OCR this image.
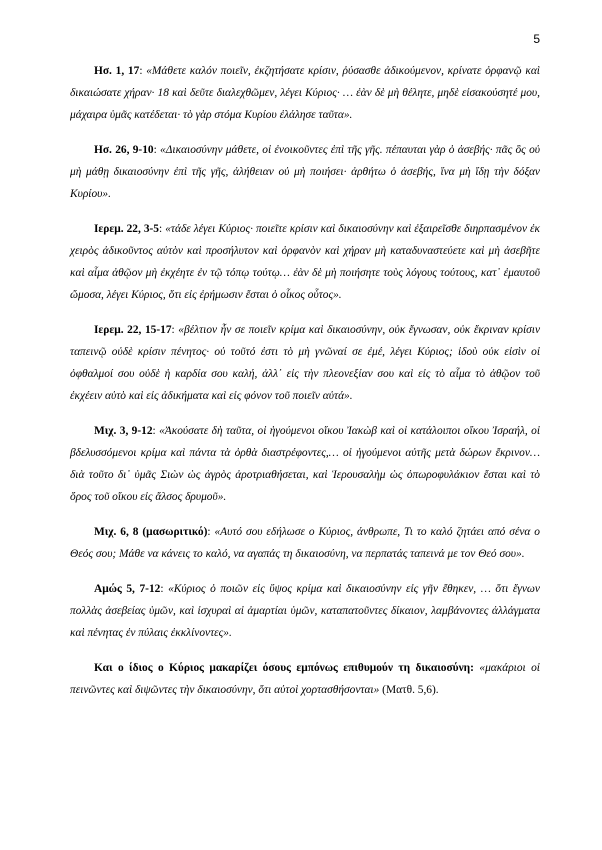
5

Ησ. 1, 17: «Μάθετε καλόν ποιεῖν, ἐκζητήσατε κρίσιν, ῥύσασθε ἀδικούμενον, κρίνατε ὀρφανῷ καὶ δικαιώσατε χήραν· 18 καὶ δεῦτε διαλεχθῶμεν, λέγει Κύριος· … ἐὰν δὲ μὴ θέλητε, μηδὲ εἰσακούσητέ μου, μάχαιρα ὑμᾶς κατέδεται· τὸ γὰρ στόμα Κυρίου ἐλάλησε ταῦτα».

Ησ. 26, 9-10: «Δικαιοσύνην μάθετε, οἱ ἐνοικοῦντες ἐπὶ τῆς γῆς. πέπαυται γὰρ ὁ ἀσεβής· πᾶς ὃς οὐ μὴ μάθῃ δικαιοσύνην ἐπὶ τῆς γῆς, ἀλήθειαν οὐ μὴ ποιήσει· ἀρθήτω ὁ ἀσεβής, ἵνα μὴ ἴδῃ τὴν δόξαν Κυρίου».

Ιερεμ. 22, 3-5: «τάδε λέγει Κύριος· ποιεῖτε κρίσιν καὶ δικαιοσύνην καὶ ἐξαιρεῖσθε διηρπασμένον ἐκ χειρὸς ἀδικοῦντος αὐτὸν καὶ προσήλυτον καὶ ὀρφανὸν καὶ χήραν μὴ καταδυναστεύετε καὶ μὴ ἀσεβῆτε καὶ αἷμα ἀθῷον μὴ ἐκχέητε ἐν τῷ τόπῳ τούτῳ… ἐὰν δὲ μὴ ποιήσητε τοὺς λόγους τούτους, κατ᾿ ἐμαυτοῦ ὤμοσα, λέγει Κύριος, ὅτι εἰς ἐρήμωσιν ἔσται ὁ οἶκος οὗτος».

Ιερεμ. 22, 15-17: «βέλτιον ἦν σε ποιεῖν κρίμα καὶ δικαιοσύνην, οὐκ ἔγνωσαν, οὐκ ἔκριναν κρίσιν ταπεινῷ οὐδὲ κρίσιν πένητος· οὐ τοῦτό ἐστι τὸ μὴ γνῶναί σε ἐμέ, λέγει Κύριος; ἰδοὺ οὐκ εἰσὶν οἱ ὀφθαλμοί σου οὐδὲ ἡ καρδία σου καλή, ἀλλ᾿ εἰς τὴν πλεονεξίαν σου καὶ εἰς τὸ αἷμα τὸ ἀθῷον τοῦ ἐκχέειν αὐτὸ καὶ εἰς ἀδικήματα καὶ εἰς φόνον τοῦ ποιεῖν αὐτά».

Μιχ. 3, 9-12: «Ἀκούσατε δὴ ταῦτα, οἱ ἡγούμενοι οἴκου Ἰακὼβ καὶ οἱ κατάλοιποι οἴκου Ἰσραήλ, οἱ βδελυσσόμενοι κρίμα καὶ πάντα τὰ ὀρθὰ διαστρέφοντες,… οἱ ἡγούμενοι αὐτῆς μετὰ δώρων ἔκρινον… διὰ τοῦτο δι᾿ ὑμᾶς Σιὼν ὡς ἀγρὸς ἀροτριαθήσεται, καὶ Ἱερουσαλὴμ ὡς ὀπωροφυλάκιον ἔσται καὶ τὸ ὄρος τοῦ οἴκου εἰς ἄλσος δρυμοῦ».

Μιχ. 6, 8 (μασωριτικό): «Αυτό σου εδήλωσε ο Κύριος, άνθρωπε, Τι το καλό ζητάει από σένα ο Θεός σου; Μάθε να κάνεις το καλό, να αγαπάς τη δικαιοσύνη, να περπατάς ταπεινά με τον Θεό σου».

Αμώς 5, 7-12: «Κύριος ὁ ποιῶν εἰς ὕψος κρίμα καὶ δικαιοσύνην εἰς γῆν ἔθηκεν, … ὅτι ἔγνων πολλὰς ἀσεβείας ὑμῶν, καὶ ἰσχυραὶ αἱ ἁμαρτίαι ὑμῶν, καταπατοῦντες δίκαιον, λαμβάνοντες ἀλλάγματα καὶ πένητας ἐν πύλαις ἐκκλίνοντες».

Και ο ίδιος ο Κύριος μακαρίζει όσους εμπόνως επιθυμούν τη δικαιοσύνη: «μακάριοι οἱ πεινῶντες καὶ διψῶντες τὴν δικαιοσύνην, ὅτι αὐτοὶ χορτασθήσονται» (Ματθ. 5,6).
